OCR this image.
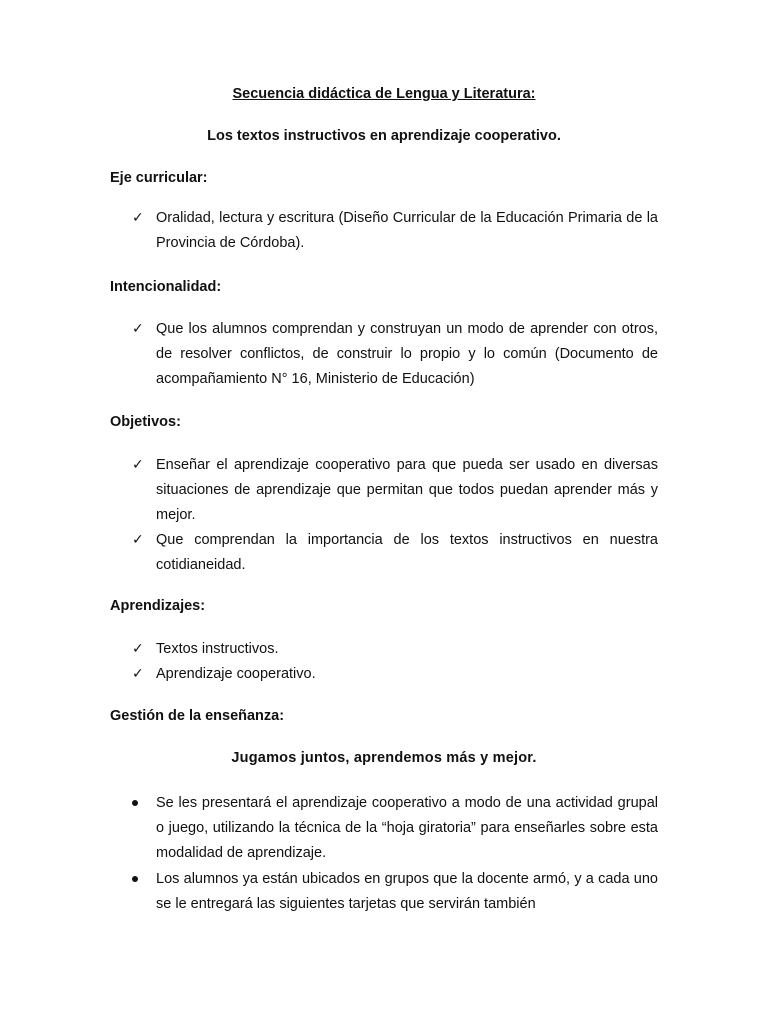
Secuencia didáctica de Lengua y Literatura:
Los textos instructivos en aprendizaje cooperativo.
Eje curricular:
✓ Oralidad, lectura y escritura (Diseño Curricular de la Educación Primaria de la Provincia de Córdoba).
Intencionalidad:
✓ Que los alumnos comprendan y construyan un modo de aprender con otros, de resolver conflictos, de construir lo propio y lo común (Documento de acompañamiento N° 16, Ministerio de Educación)
Objetivos:
✓ Enseñar el aprendizaje cooperativo para que pueda ser usado en diversas situaciones de aprendizaje que permitan que todos puedan aprender más y mejor.
✓ Que comprendan la importancia de los textos instructivos en nuestra cotidianeidad.
Aprendizajes:
✓ Textos instructivos.
✓ Aprendizaje cooperativo.
Gestión de la enseñanza:
Jugamos juntos, aprendemos más y mejor.
Se les presentará el aprendizaje cooperativo a modo de una actividad grupal o juego, utilizando la técnica de la “hoja giratoria” para enseñarles sobre esta modalidad de aprendizaje.
Los alumnos ya están ubicados en grupos que la docente armó, y a cada uno se le entregará las siguientes tarjetas que servirán también
